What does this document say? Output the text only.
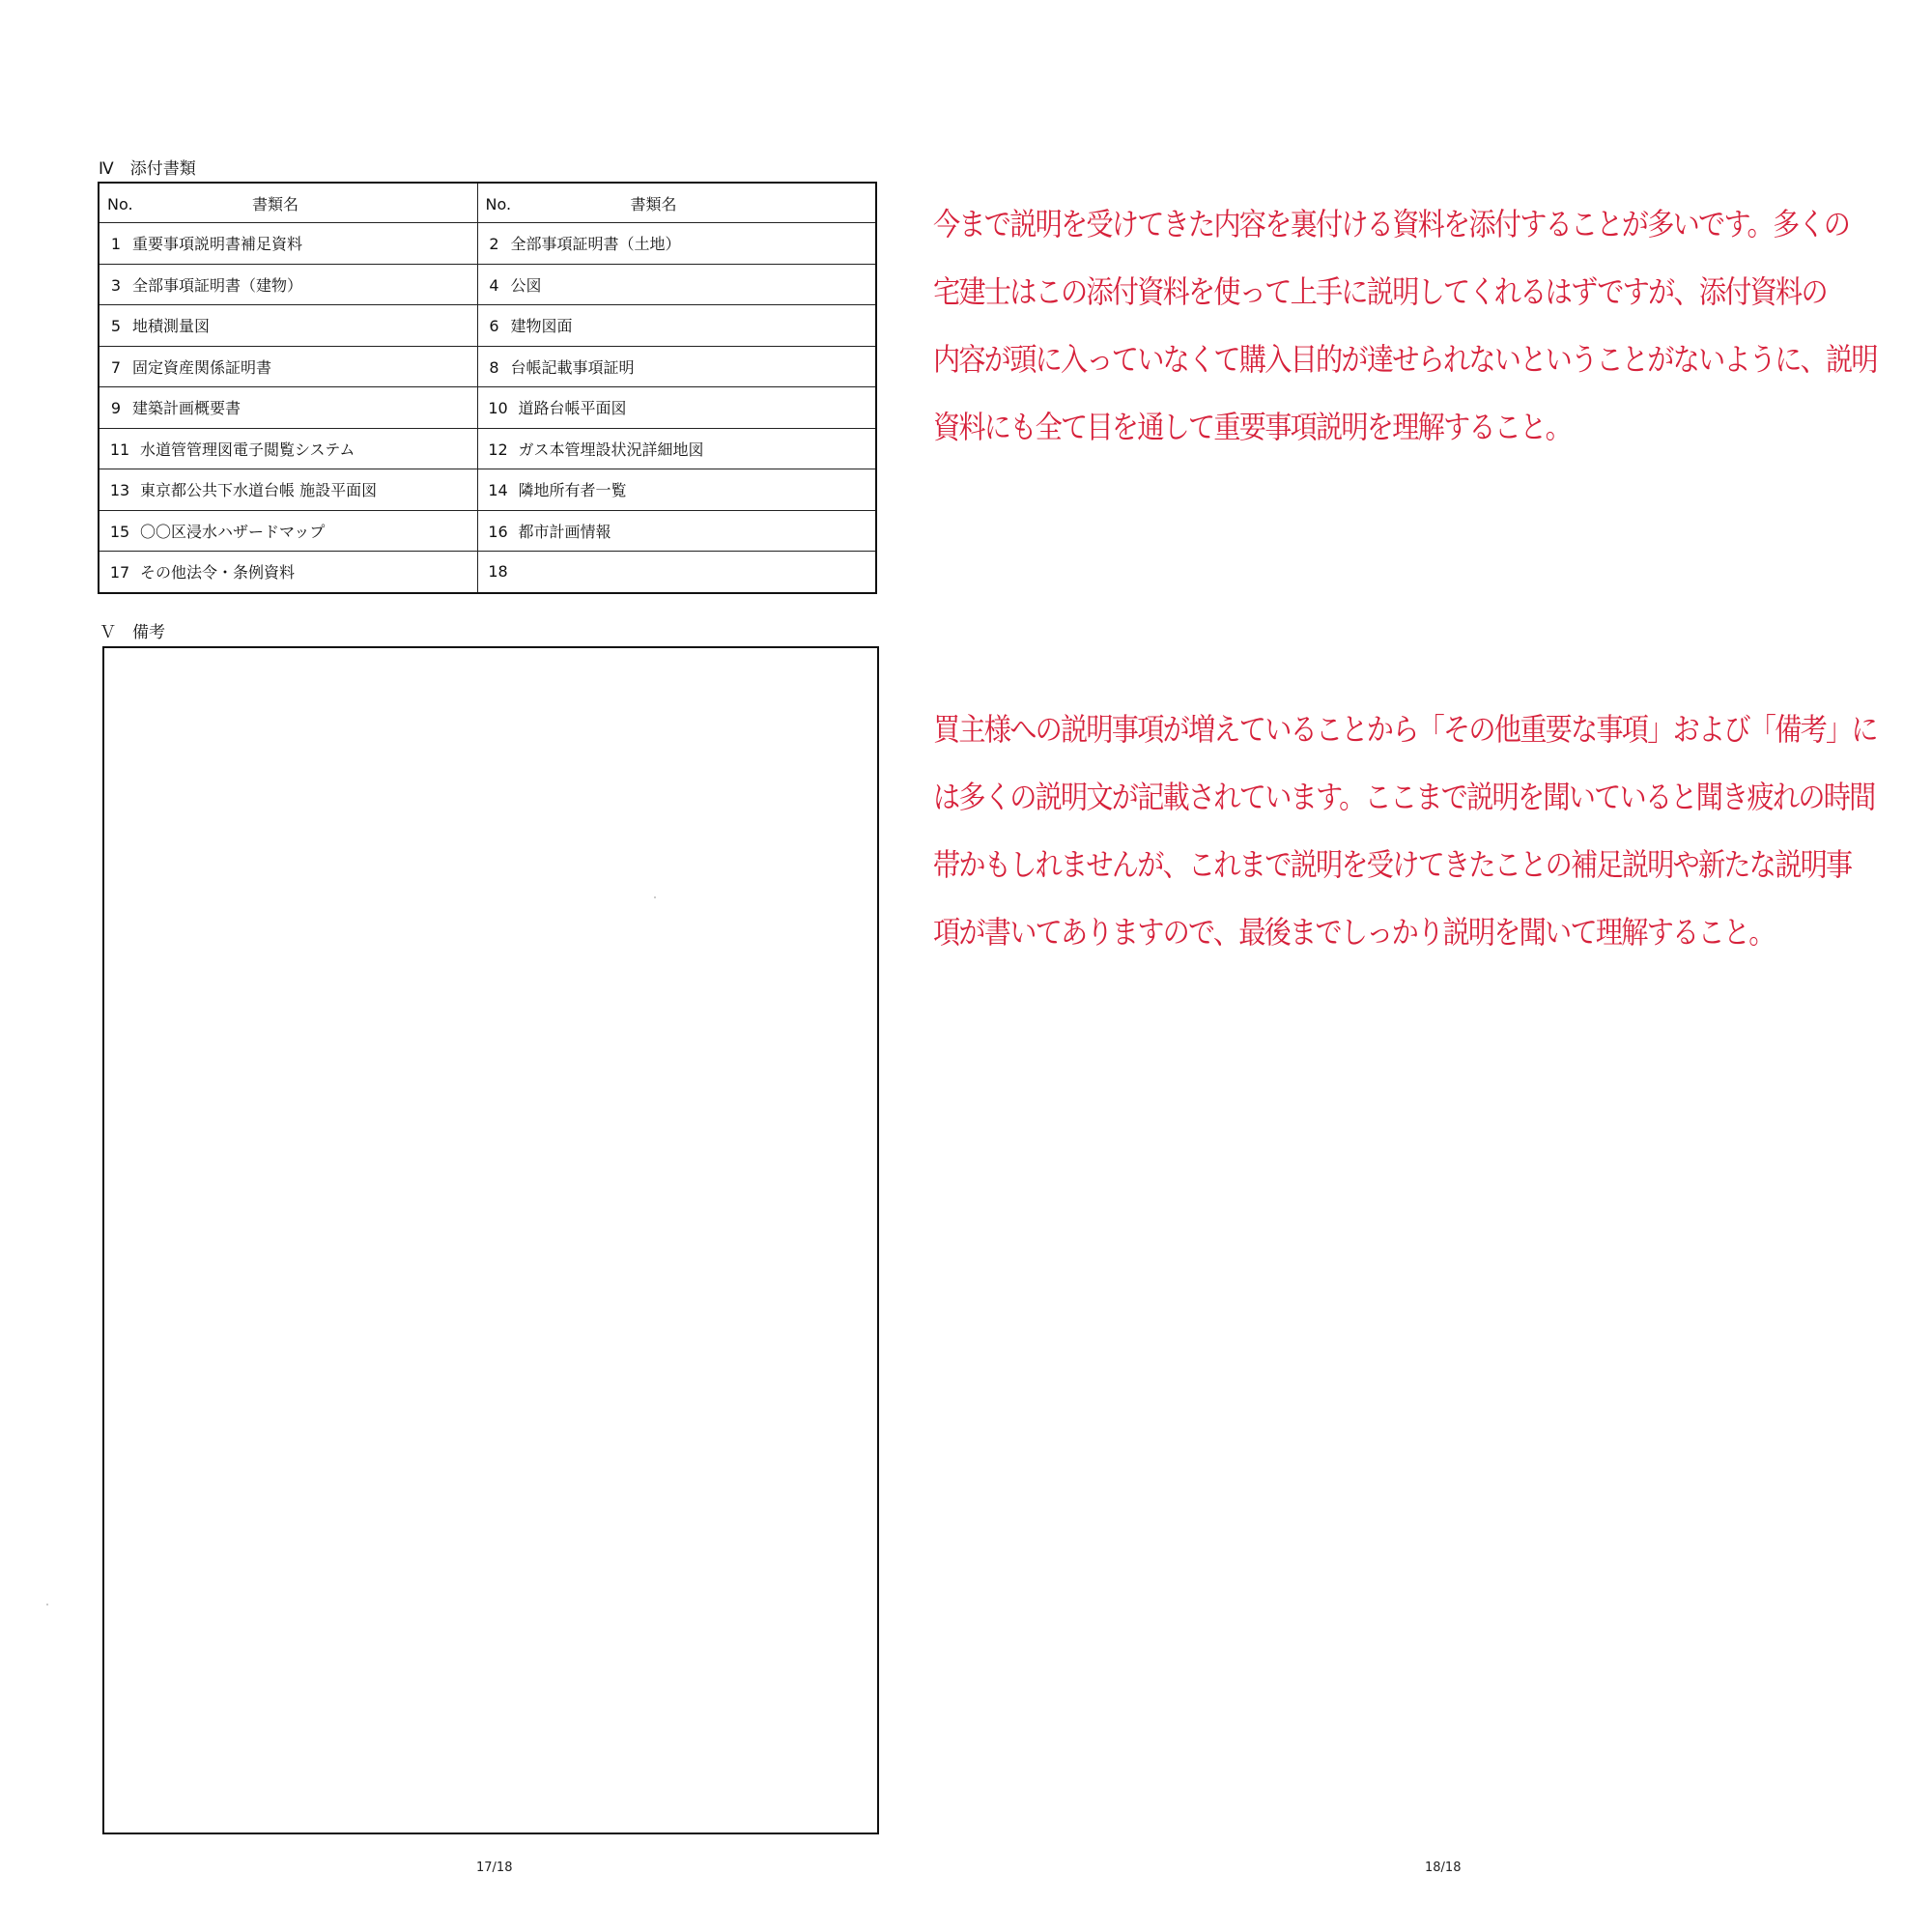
Ⅳ　添付書類
No. 書類名	No. 書類名
1 重要事項説明書補足資料	2 全部事項証明書（土地）
3 全部事項証明書（建物）	4 公図
5 地積測量図	6 建物図面
7 固定資産関係証明書	8 台帳記載事項証明
9 建築計画概要書	10 道路台帳平面図
11 水道管管理図電子閲覧システム	12 ガス本管埋設状況詳細地図
13 東京都公共下水道台帳 施設平面図	14 隣地所有者一覧
15 〇〇区浸水ハザードマップ	16 都市計画情報
17 その他法令・条例資料	18
Ｖ　備考
17/18	18/18
今まで説明を受けてきた内容を裏付ける資料を添付することが多いです。多くの
宅建士はこの添付資料を使って上手に説明してくれるはずですが、添付資料の
内容が頭に入っていなくて購入目的が達せられないということがないように、説明
資料にも全て目を通して重要事項説明を理解すること。
買主様への説明事項が増えていることから「その他重要な事項」および「備考」に
は多くの説明文が記載されています。ここまで説明を聞いていると聞き疲れの時間
帯かもしれませんが、これまで説明を受けてきたことの補足説明や新たな説明事
項が書いてありますので、最後までしっかり説明を聞いて理解すること。
